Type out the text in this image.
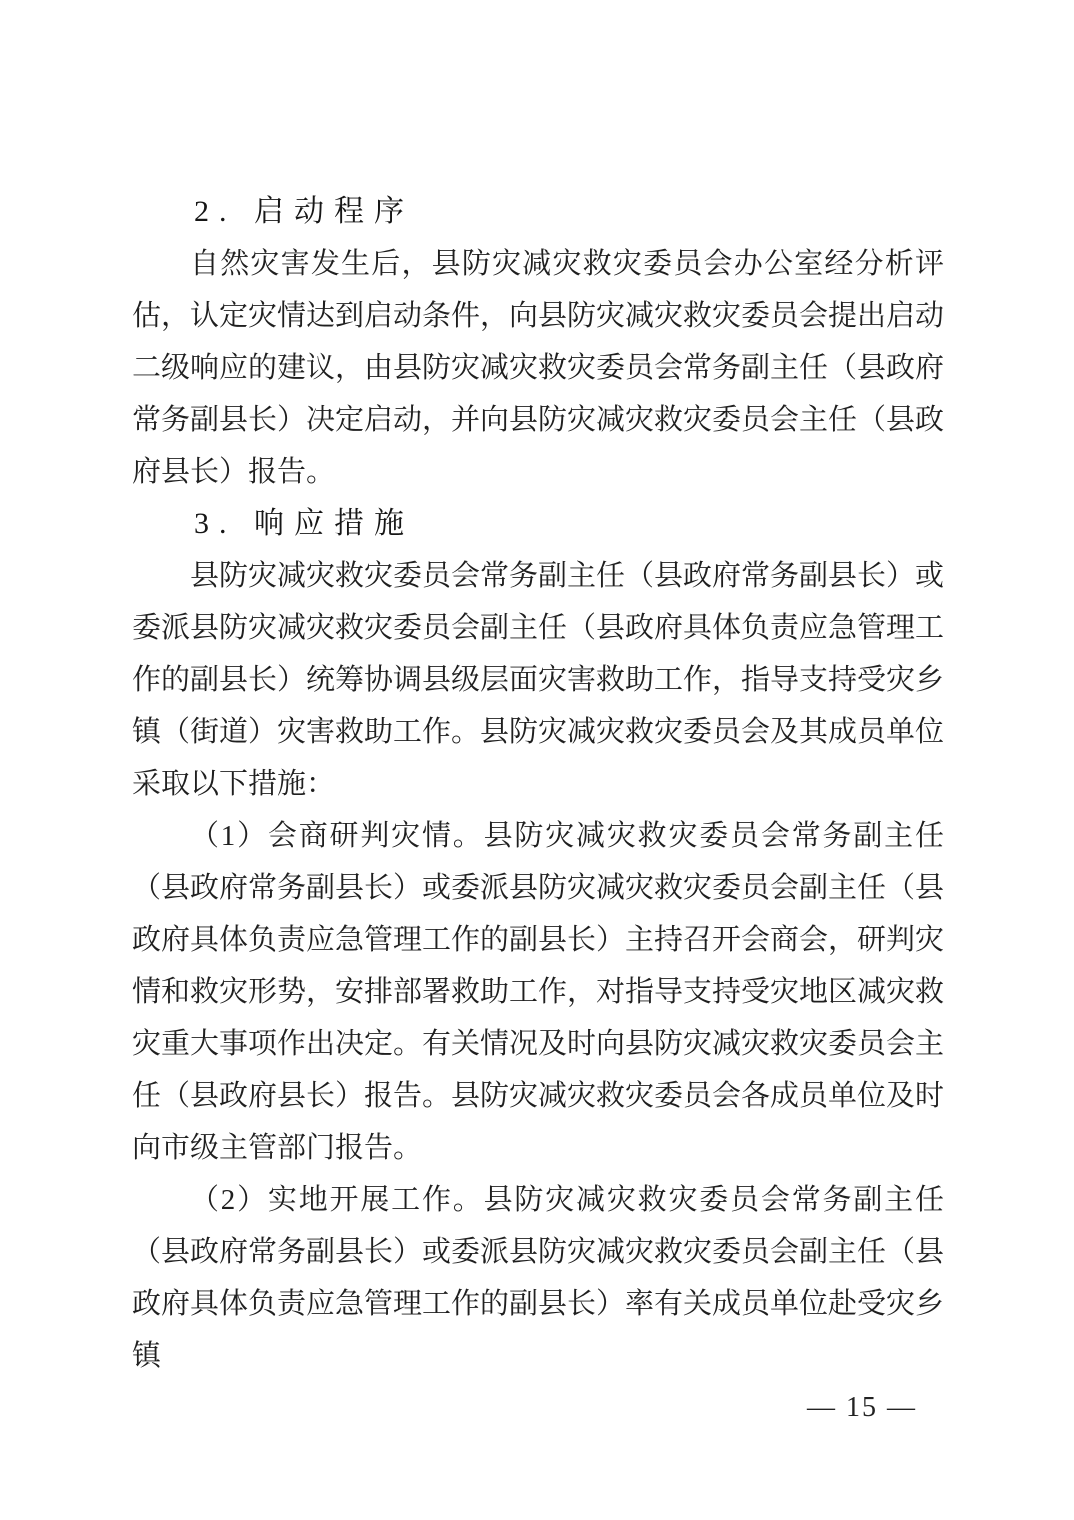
2. 启动程序

自然灾害发生后，县防灾减灾救灾委员会办公室经分析评估，认定灾情达到启动条件，向县防灾减灾救灾委员会提出启动二级响应的建议，由县防灾减灾救灾委员会常务副主任（县政府常务副县长）决定启动，并向县防灾减灾救灾委员会主任（县政府县长）报告。

3. 响应措施

县防灾减灾救灾委员会常务副主任（县政府常务副县长）或委派县防灾减灾救灾委员会副主任（县政府具体负责应急管理工作的副县长）统筹协调县级层面灾害救助工作，指导支持受灾乡镇（街道）灾害救助工作。县防灾减灾救灾委员会及其成员单位采取以下措施：

（1）会商研判灾情。县防灾减灾救灾委员会常务副主任（县政府常务副县长）或委派县防灾减灾救灾委员会副主任（县政府具体负责应急管理工作的副县长）主持召开会商会，研判灾情和救灾形势，安排部署救助工作，对指导支持受灾地区减灾救灾重大事项作出决定。有关情况及时向县防灾减灾救灾委员会主任（县政府县长）报告。县防灾减灾救灾委员会各成员单位及时向市级主管部门报告。

（2）实地开展工作。县防灾减灾救灾委员会常务副主任（县政府常务副县长）或委派县防灾减灾救灾委员会副主任（县政府具体负责应急管理工作的副县长）率有关成员单位赴受灾乡镇

— 15 —
